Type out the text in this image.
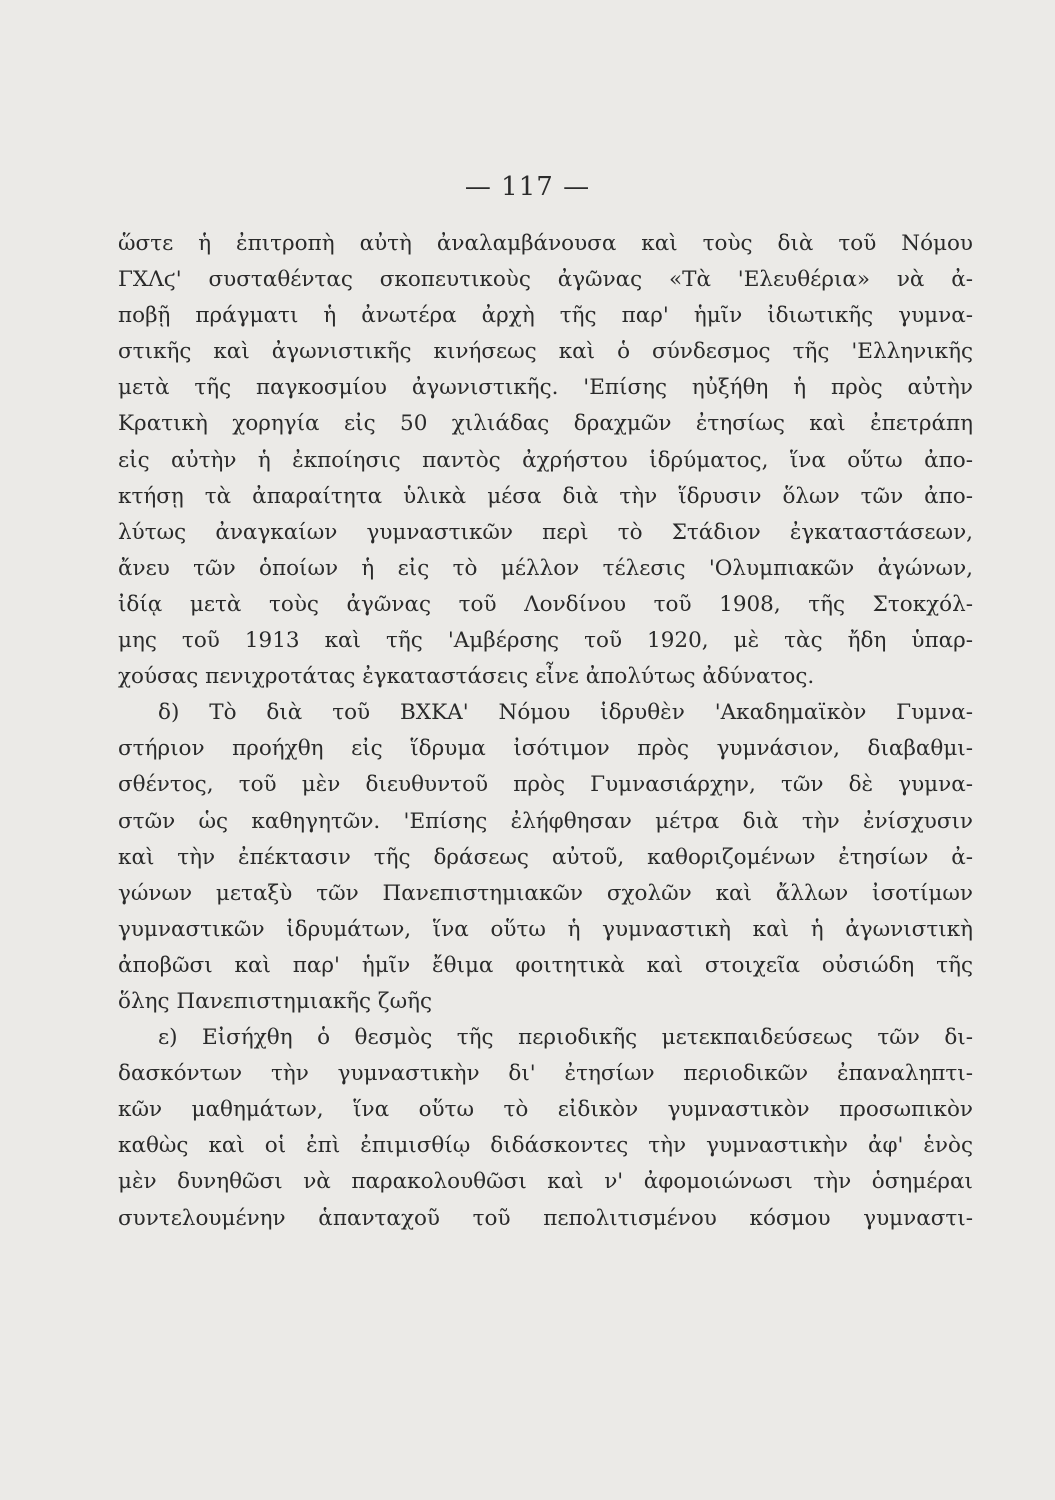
— 117 —
ὥστε ἡ ἐπιτροπὴ αὐτὴ ἀναλαμβάνουσα καὶ τοὺς διὰ τοῦ Νόμου
ΓΧΛϛ' συσταθέντας σκοπευτικοὺς ἀγῶνας «Τὰ 'Ελευθέρια» νὰ ἀ-
ποβῇ πράγματι ἡ ἀνωτέρα ἀρχὴ τῆς παρ' ἡμῖν ἰδιωτικῆς γυμνα-
στικῆς καὶ ἀγωνιστικῆς κινήσεως καὶ ὁ σύνδεσμος τῆς 'Ελληνικῆς
μετὰ τῆς παγκοσμίου ἀγωνιστικῆς. 'Επίσης ηὐξήθη ἡ πρὸς αὐτὴν
Κρατικὴ χορηγία εἰς 50 χιλιάδας δραχμῶν ἐτησίως καὶ ἐπετράπη
εἰς αὐτὴν ἡ ἐκποίησις παντὸς ἀχρήστου ἱδρύματος, ἵνα οὕτω ἀπο-
κτήσῃ τὰ ἀπαραίτητα ὑλικὰ μέσα διὰ τὴν ἵδρυσιν ὅλων τῶν ἀπο-
λύτως ἀναγκαίων γυμναστικῶν περὶ τὸ Στάδιον ἐγκαταστάσεων,
ἄνευ τῶν ὁποίων ἡ εἰς τὸ μέλλον τέλεσις 'Ολυμπιακῶν ἀγώνων,
ἰδίᾳ μετὰ τοὺς ἀγῶνας τοῦ Λονδίνου τοῦ 1908, τῆς Στοκχόλ-
μης τοῦ 1913 καὶ τῆς 'Αμβέρσης τοῦ 1920, μὲ τὰς ἤδη ὑπαρ-
χούσας πενιχροτάτας ἐγκαταστάσεις εἶνε ἀπολύτως ἀδύνατος.
δ) Τὸ διὰ τοῦ ΒΧΚΑ' Νόμου ἱδρυθὲν 'Ακαδημαϊκὸν Γυμνα-
στήριον προήχθη εἰς ἵδρυμα ἰσότιμον πρὸς γυμνάσιον, διαβαθμι-
σθέντος, τοῦ μὲν διευθυντοῦ πρὸς Γυμνασιάρχην, τῶν δὲ γυμνα-
στῶν ὡς καθηγητῶν. 'Επίσης ἐλήφθησαν μέτρα διὰ τὴν ἐνίσχυσιν
καὶ τὴν ἐπέκτασιν τῆς δράσεως αὐτοῦ, καθοριζομένων ἐτησίων ἀ-
γώνων μεταξὺ τῶν Πανεπιστημιακῶν σχολῶν καὶ ἄλλων ἰσοτίμων
γυμναστικῶν ἱδρυμάτων, ἵνα οὕτω ἡ γυμναστικὴ καὶ ἡ ἀγωνιστικὴ
ἀποβῶσι καὶ παρ' ἡμῖν ἔθιμα φοιτητικὰ καὶ στοιχεῖα οὐσιώδη τῆς
ὅλης Πανεπιστημιακῆς ζωῆς
ε) Εἰσήχθη ὁ θεσμὸς τῆς περιοδικῆς μετεκπαιδεύσεως τῶν δι-
δασκόντων τὴν γυμναστικὴν δι' ἐτησίων περιοδικῶν ἐπαναληπτι-
κῶν μαθημάτων, ἵνα οὕτω τὸ εἰδικὸν γυμναστικὸν προσωπικὸν
καθὼς καὶ οἱ ἐπὶ ἐπιμισθίῳ διδάσκοντες τὴν γυμναστικὴν ἀφ' ἑνὸς
μὲν δυνηθῶσι νὰ παρακολουθῶσι καὶ ν' ἀφομοιώνωσι τὴν ὁσημέραι
συντελουμένην ἁπανταχοῦ τοῦ πεπολιτισμένου κόσμου γυμναστι-
